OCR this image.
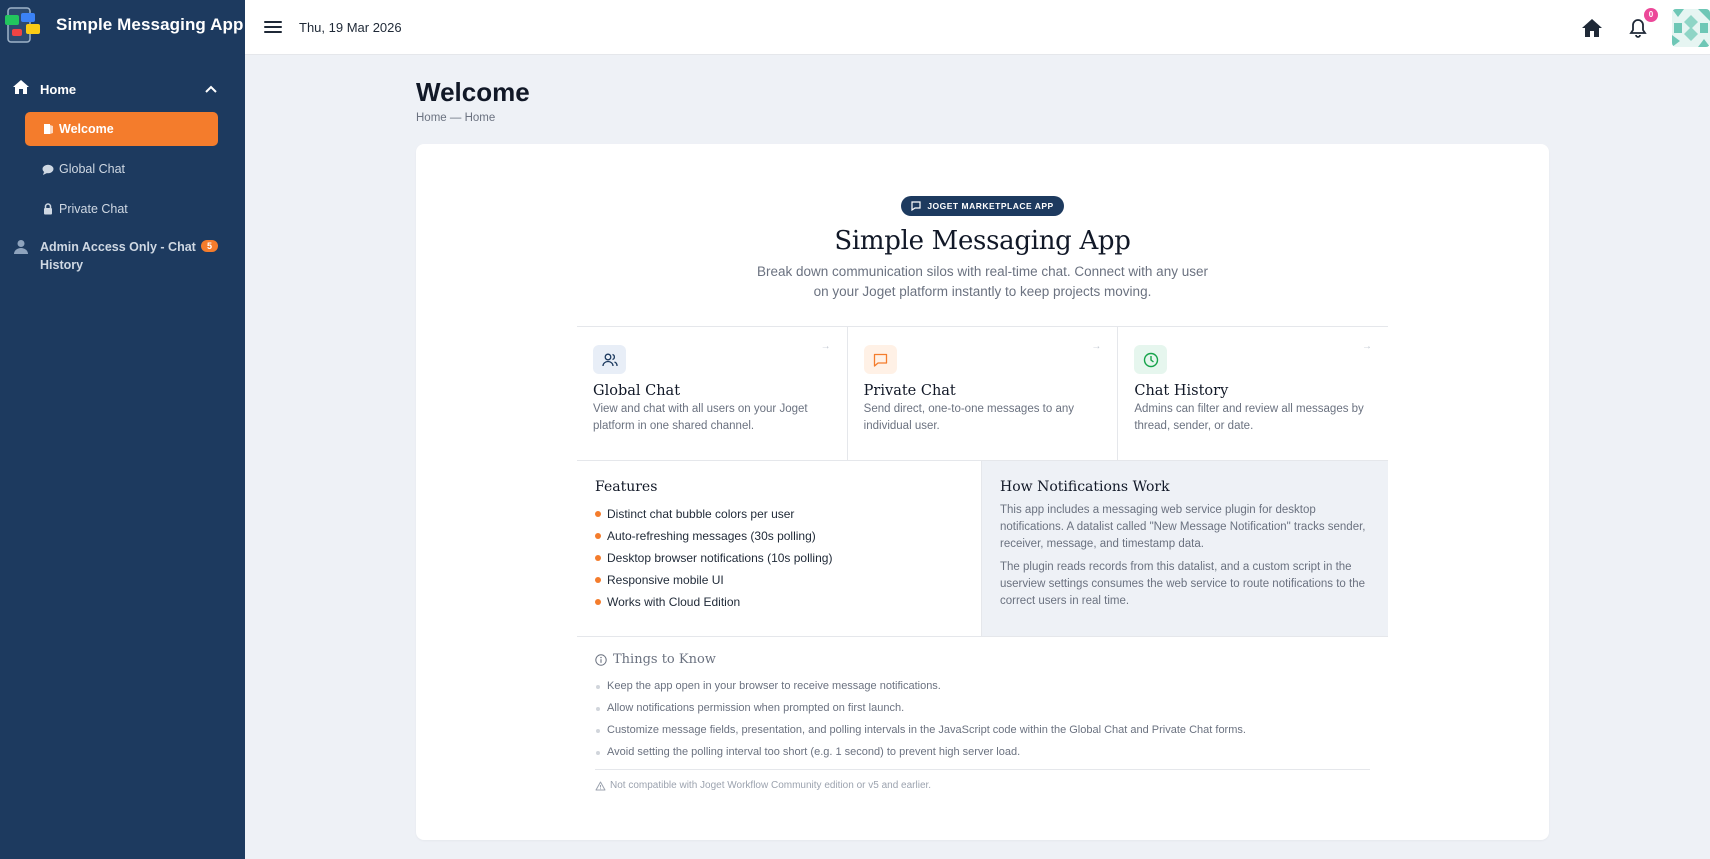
Simple Messaging App
Home
Welcome
Global Chat
Private Chat
Admin Access Only - Chat History
5
Thu, 19 Mar 2026
0
Welcome
Home — Home
JOGET MARKETPLACE APP
Simple Messaging App

Break down communication silos with real-time chat. Connect with any user on your Joget platform instantly to keep projects moving.

→
Global Chat

View and chat with all users on your Joget platform in one shared channel.

→
Private Chat

Send direct, one-to-one messages to any individual user.

→
Chat History

Admins can filter and review all messages by thread, sender, or date.

Features
Distinct chat bubble colors per user
Auto-refreshing messages (30s polling)
Desktop browser notifications (10s polling)
Responsive mobile UI
Works with Cloud Edition
How Notifications Work

This app includes a messaging web service plugin for desktop notifications. A datalist called "New Message Notification" tracks sender, receiver, message, and timestamp data.

The plugin reads records from this datalist, and a custom script in the userview settings consumes the web service to route notifications to the correct users in real time.

Things to Know
Keep the app open in your browser to receive message notifications.
Allow notifications permission when prompted on first launch.
Customize message fields, presentation, and polling intervals in the JavaScript code within the Global Chat and Private Chat forms.
Avoid setting the polling interval too short (e.g. 1 second) to prevent high server load.
Not compatible with Joget Workflow Community edition or v5 and earlier.
